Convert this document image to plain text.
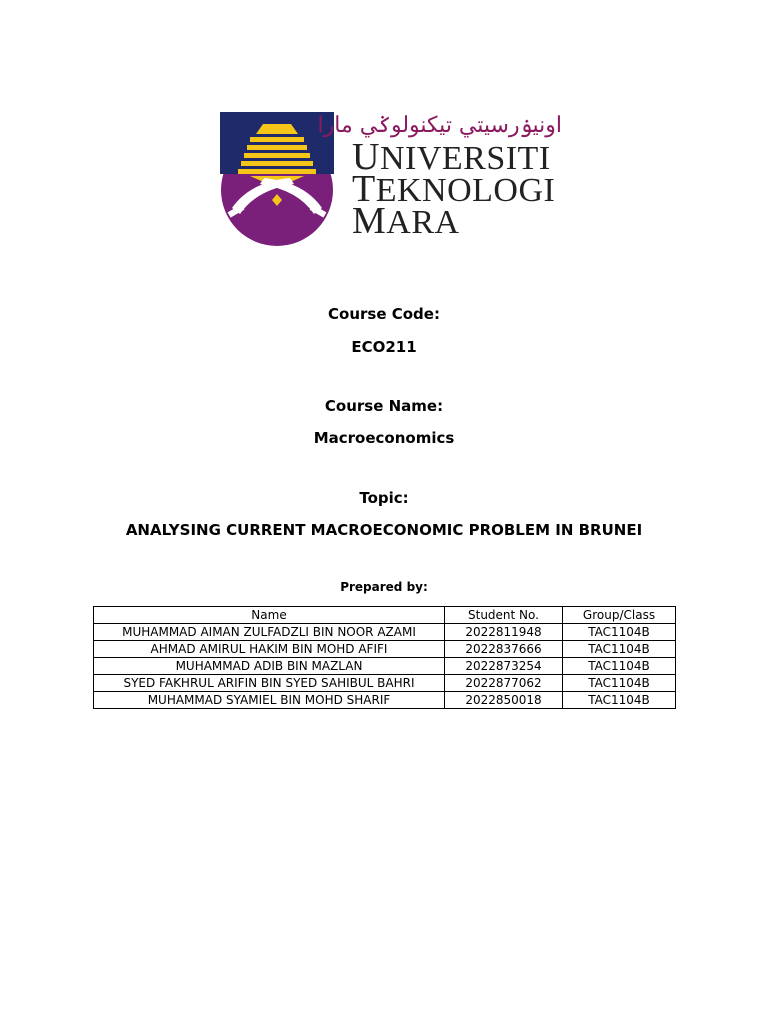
اونيۏرسيتي تيكنولوݢي مارا
UNIVERSITI
TEKNOLOGI
MARA
Course Code:
ECO211
Course Name:
Macroeconomics
Topic:
ANALYSING CURRENT MACROECONOMIC PROBLEM IN BRUNEI
Prepared by:
Name	Student No.	Group/Class
MUHAMMAD AIMAN ZULFADZLI BIN NOOR AZAMI	2022811948	TAC1104B
AHMAD AMIRUL HAKIM BIN MOHD AFIFI	2022837666	TAC1104B
MUHAMMAD ADIB BIN MAZLAN	2022873254	TAC1104B
SYED FAKHRUL ARIFIN BIN SYED SAHIBUL BAHRI	2022877062	TAC1104B
MUHAMMAD SYAMIEL BIN MOHD SHARIF	2022850018	TAC1104B
